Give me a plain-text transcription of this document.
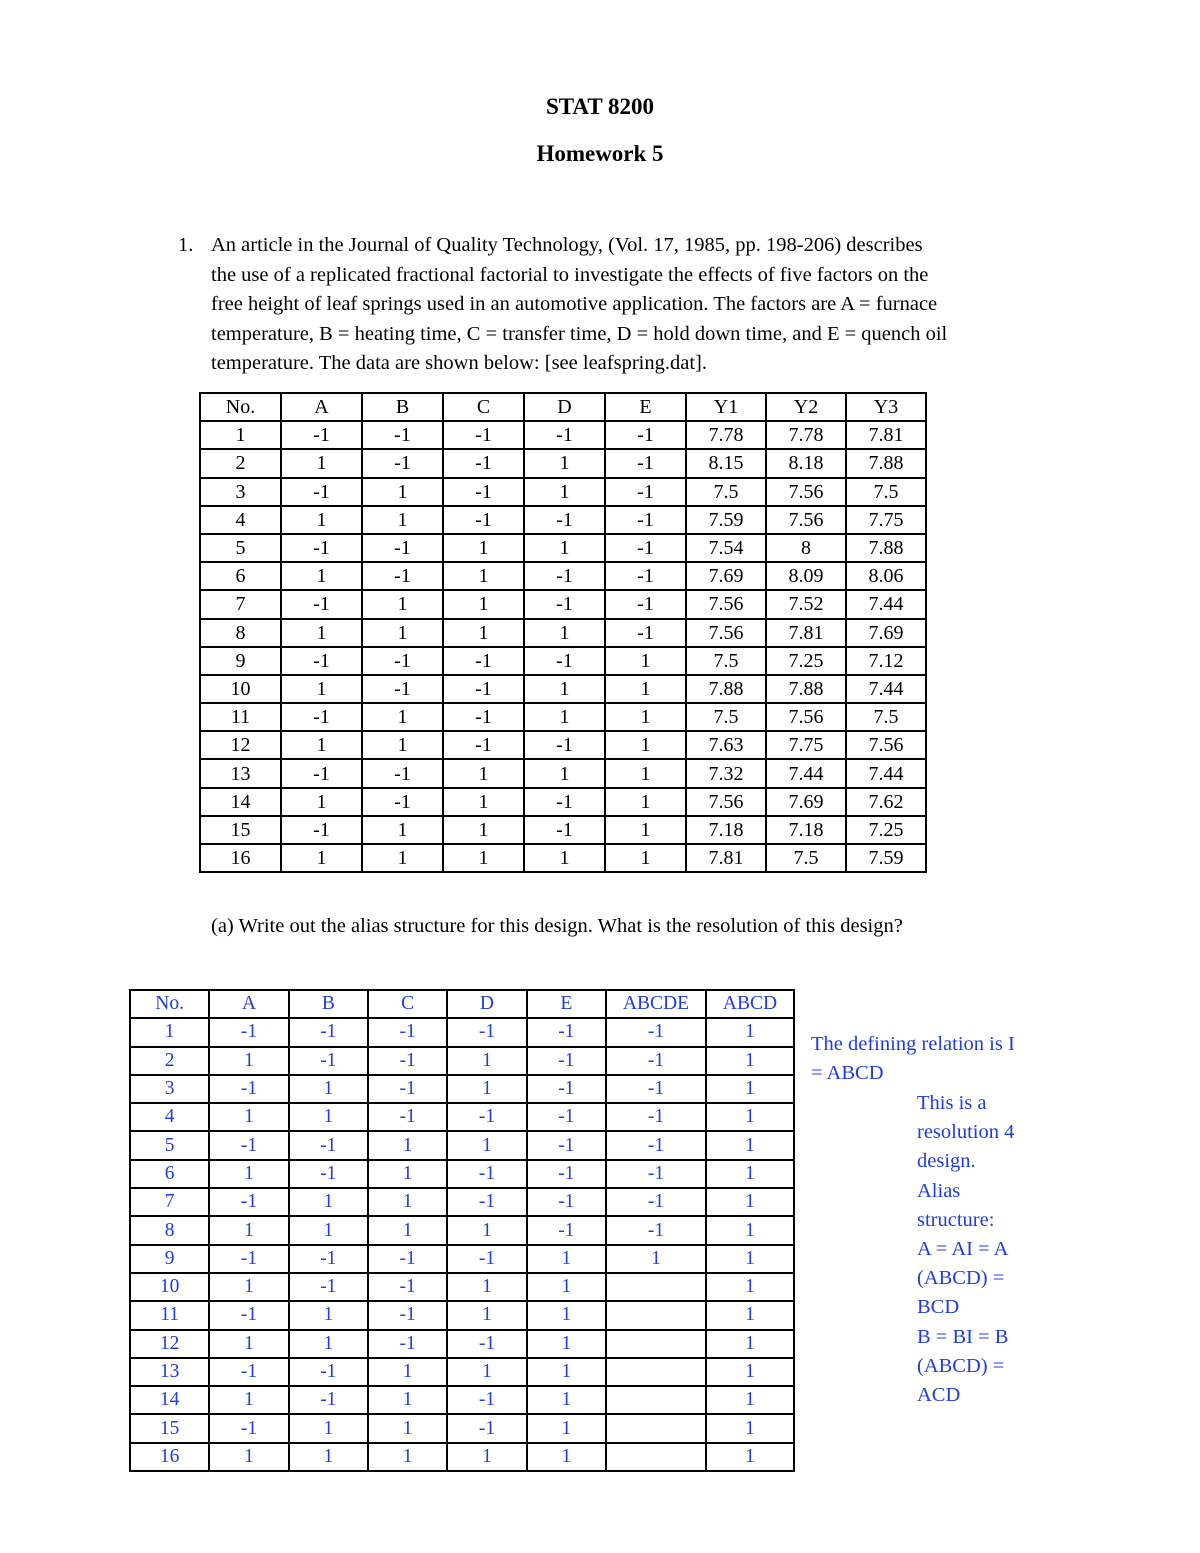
STAT 8200
Homework 5
1. An article in the Journal of Quality Technology, (Vol. 17, 1985, pp. 198-206) describes
the use of a replicated fractional factorial to investigate the effects of five factors on the
free height of leaf springs used in an automotive application. The factors are A = furnace
temperature, B = heating time, C = transfer time, D = hold down time, and E = quench oil
temperature. The data are shown below: [see leafspring.dat].
No.	A	B	C	D	E	Y1	Y2	Y3
1	-1	-1	-1	-1	-1	7.78	7.78	7.81
2	1	-1	-1	1	-1	8.15	8.18	7.88
3	-1	1	-1	1	-1	7.5	7.56	7.5
4	1	1	-1	-1	-1	7.59	7.56	7.75
5	-1	-1	1	1	-1	7.54	8	7.88
6	1	-1	1	-1	-1	7.69	8.09	8.06
7	-1	1	1	-1	-1	7.56	7.52	7.44
8	1	1	1	1	-1	7.56	7.81	7.69
9	-1	-1	-1	-1	1	7.5	7.25	7.12
10	1	-1	-1	1	1	7.88	7.88	7.44
11	-1	1	-1	1	1	7.5	7.56	7.5
12	1	1	-1	-1	1	7.63	7.75	7.56
13	-1	-1	1	1	1	7.32	7.44	7.44
14	1	-1	1	-1	1	7.56	7.69	7.62
15	-1	1	1	-1	1	7.18	7.18	7.25
16	1	1	1	1	1	7.81	7.5	7.59
(a) Write out the alias structure for this design. What is the resolution of this design?
No.	A	B	C	D	E	ABCDE	ABCD
1	-1	-1	-1	-1	-1	-1	1
2	1	-1	-1	1	-1	-1	1
3	-1	1	-1	1	-1	-1	1
4	1	1	-1	-1	-1	-1	1
5	-1	-1	1	1	-1	-1	1
6	1	-1	1	-1	-1	-1	1
7	-1	1	1	-1	-1	-1	1
8	1	1	1	1	-1	-1	1
9	-1	-1	-1	-1	1	1	1
10	1	-1	-1	1	1		1
11	-1	1	-1	1	1		1
12	1	1	-1	-1	1		1
13	-1	-1	1	1	1		1
14	1	-1	1	-1	1		1
15	-1	1	1	-1	1		1
16	1	1	1	1	1		1
The defining relation is I
= ABCD
This is a
resolution 4
design.
Alias
structure:
A = AI = A
(ABCD) =
BCD
B = BI = B
(ABCD) =
ACD
